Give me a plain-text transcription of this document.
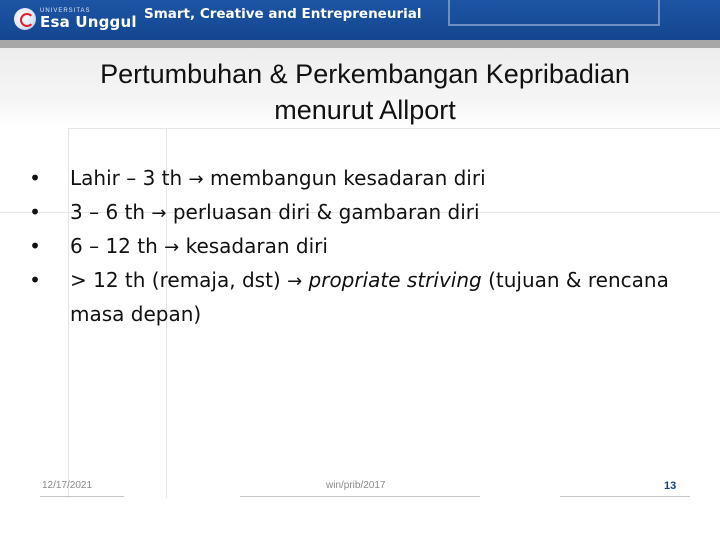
UNIVERSITAS
Esa Unggul Smart, Creative and Entrepreneurial
Pertumbuhan & Perkembangan Kepribadian
menurut Allport
• Lahir – 3 th → membangun kesadaran diri
• 3 – 6 th → perluasan diri & gambaran diri
• 6 – 12 th → kesadaran diri
• > 12 th (remaja, dst) → propriate striving (tujuan & rencana masa depan)
12/17/2021	win/prib/2017	13
